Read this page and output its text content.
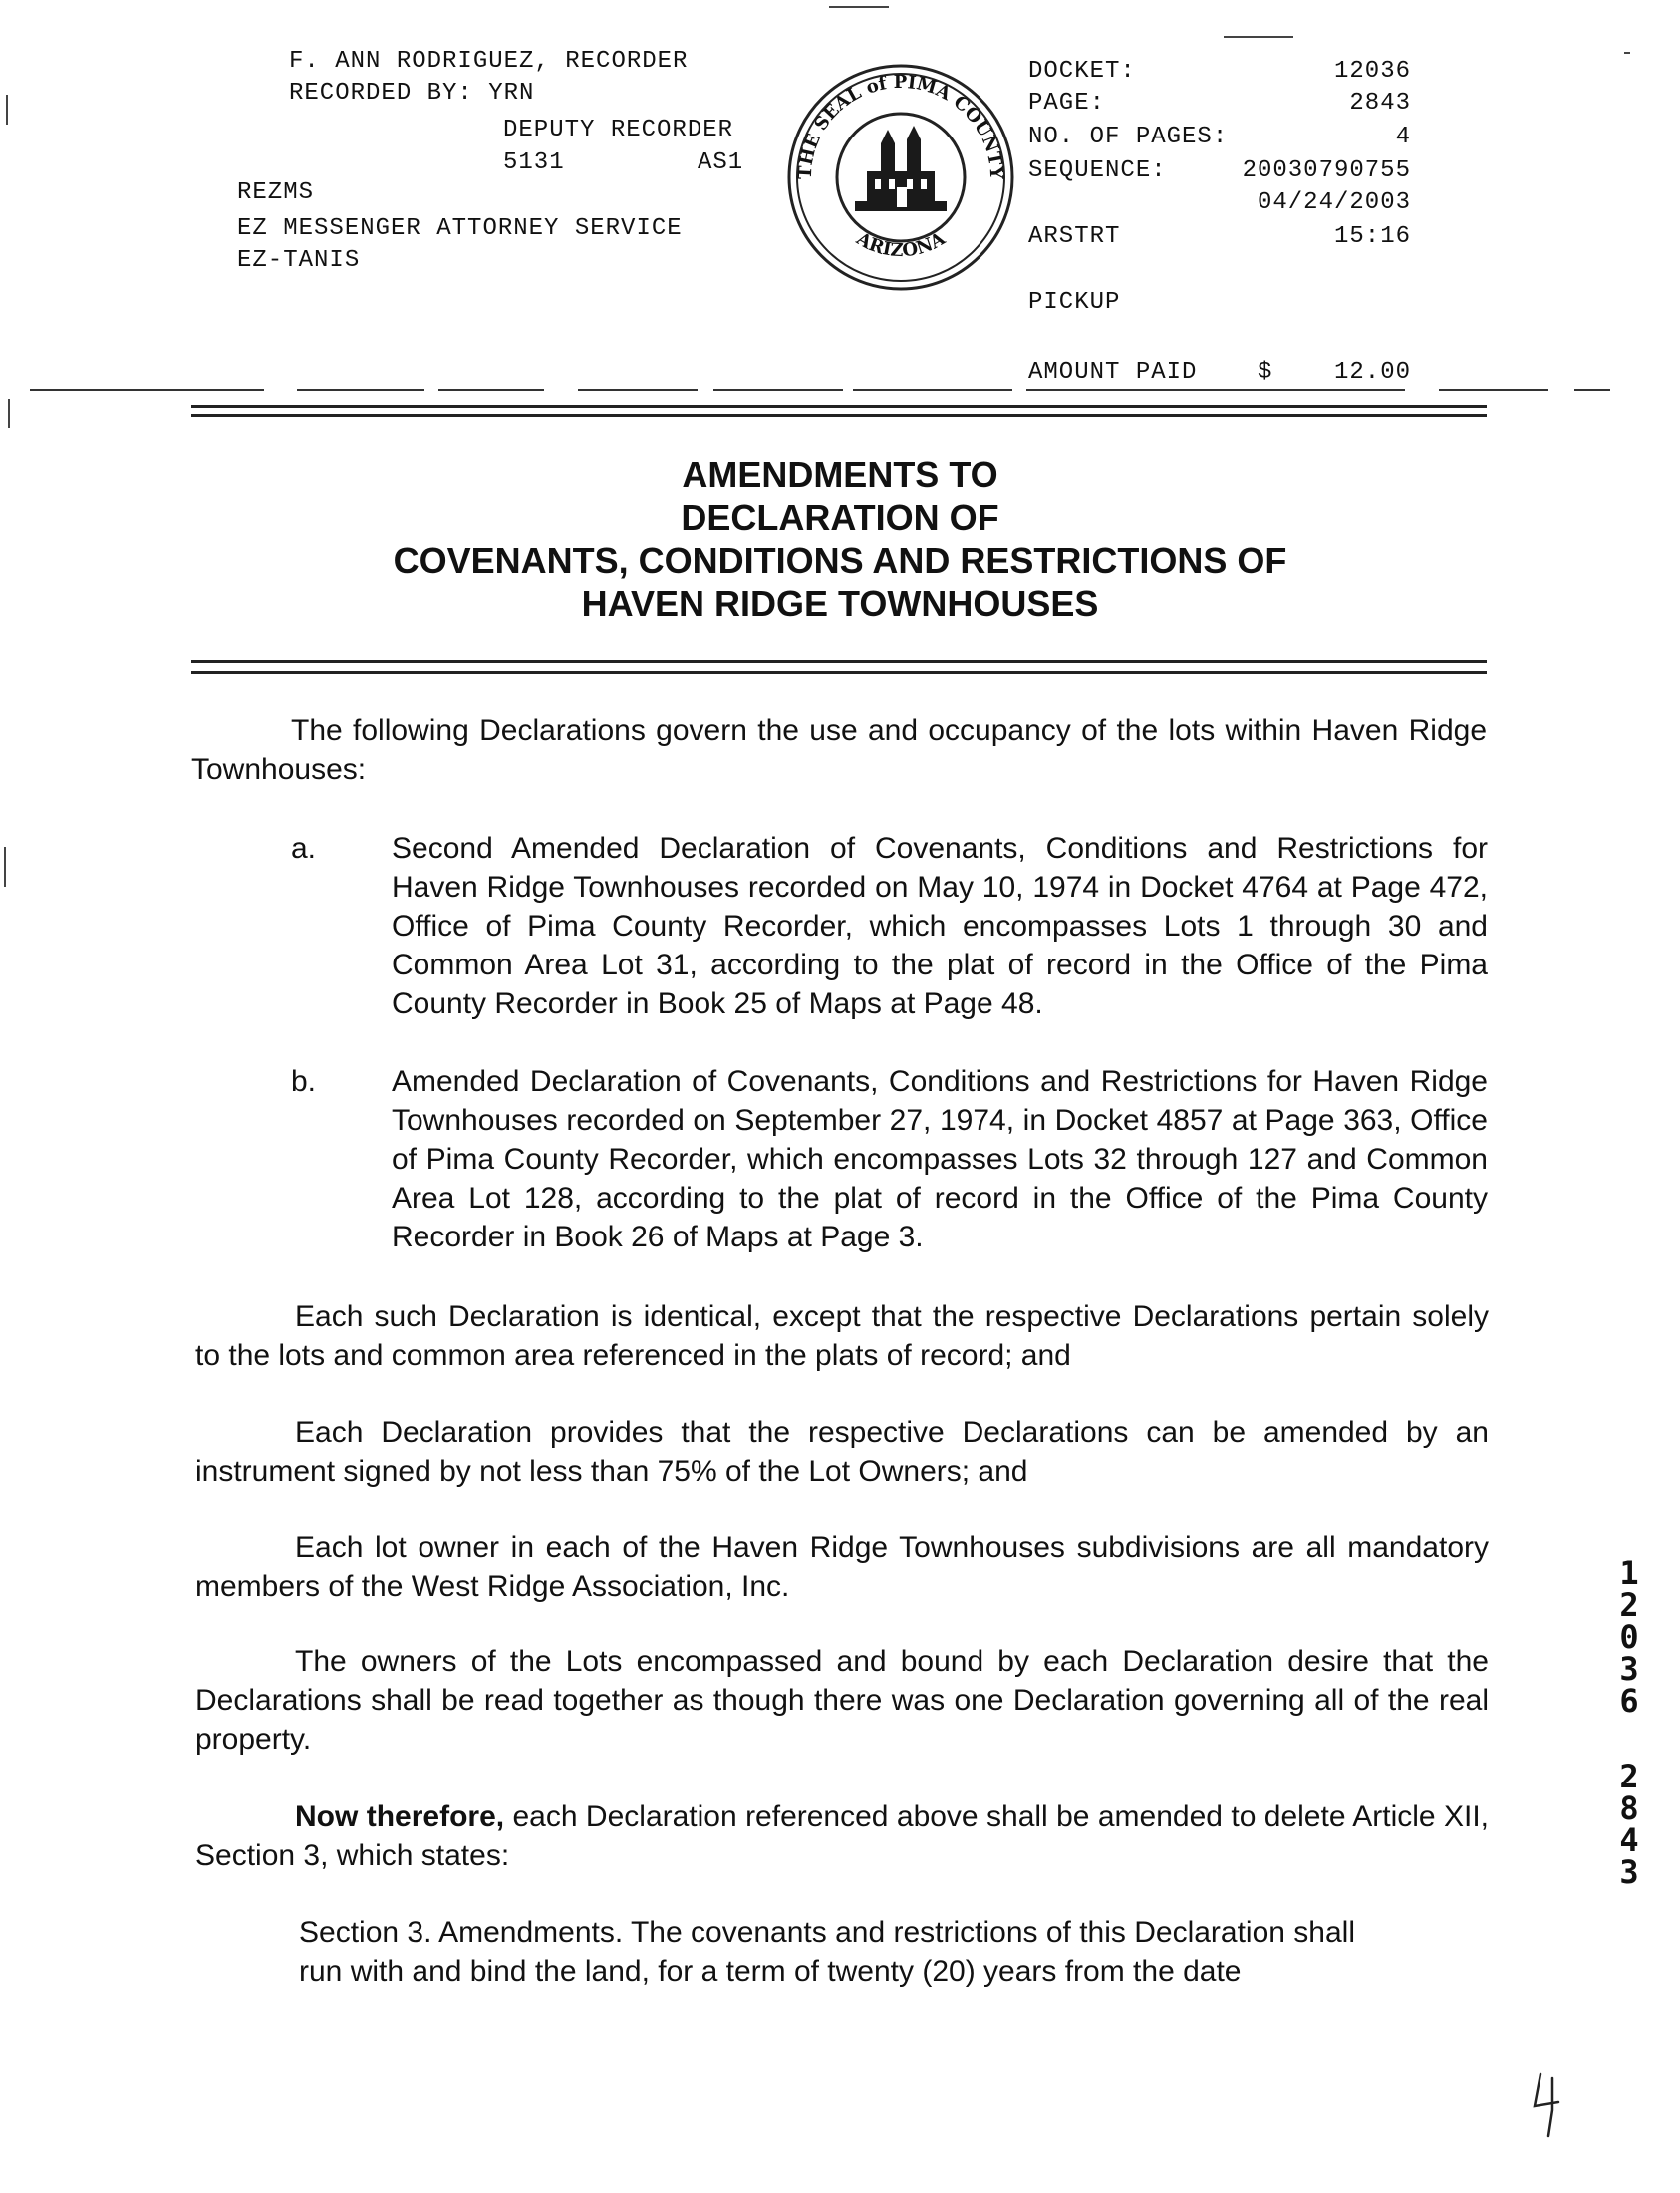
F. ANN RODRIGUEZ, RECORDER
RECORDED BY: YRN
DEPUTY RECORDER
5131	AS1
REZMS
EZ MESSENGER ATTORNEY SERVICE
EZ-TANIS
THE SEAL of PIMA COUNTY
ARIZONA
DOCKET:	12036
PAGE:	2843
NO. OF PAGES:	4
SEQUENCE:	20030790755
04/24/2003
ARSTRT	15:16
PICKUP
AMOUNT PAID	$	12.00
AMENDMENTS TO
DECLARATION OF
COVENANTS, CONDITIONS AND RESTRICTIONS OF
HAVEN RIDGE TOWNHOUSES
The following Declarations govern the use and occupancy of the lots within Haven Ridge Townhouses:
a.	Second Amended Declaration of Covenants, Conditions and Restrictions for Haven Ridge Townhouses recorded on May 10, 1974 in Docket 4764 at Page 472, Office of Pima County Recorder, which encompasses Lots 1 through 30 and Common Area Lot 31, according to the plat of record in the Office of the Pima County Recorder in Book 25 of Maps at Page 48.
b.	Amended Declaration of Covenants, Conditions and Restrictions for Haven Ridge Townhouses recorded on September 27, 1974, in Docket 4857 at Page 363, Office of Pima County Recorder, which encompasses Lots 32 through 127 and Common Area Lot 128, according to the plat of record in the Office of the Pima County Recorder in Book 26 of Maps at Page 3.
Each such Declaration is identical, except that the respective Declarations pertain solely to the lots and common area referenced in the plats of record; and
Each Declaration provides that the respective Declarations can be amended by an instrument signed by not less than 75% of the Lot Owners; and
Each lot owner in each of the Haven Ridge Townhouses subdivisions are all mandatory members of the West Ridge Association, Inc.
The owners of the Lots encompassed and bound by each Declaration desire that the Declarations shall be read together as though there was one Declaration governing all of the real property.
Now therefore, each Declaration referenced above shall be amended to delete Article XII, Section 3, which states:
Section 3. Amendments. The covenants and restrictions of this Declaration shall run with and bind the land, for a term of twenty (20) years from the date
1
2
0
3
6
2
8
4
3
